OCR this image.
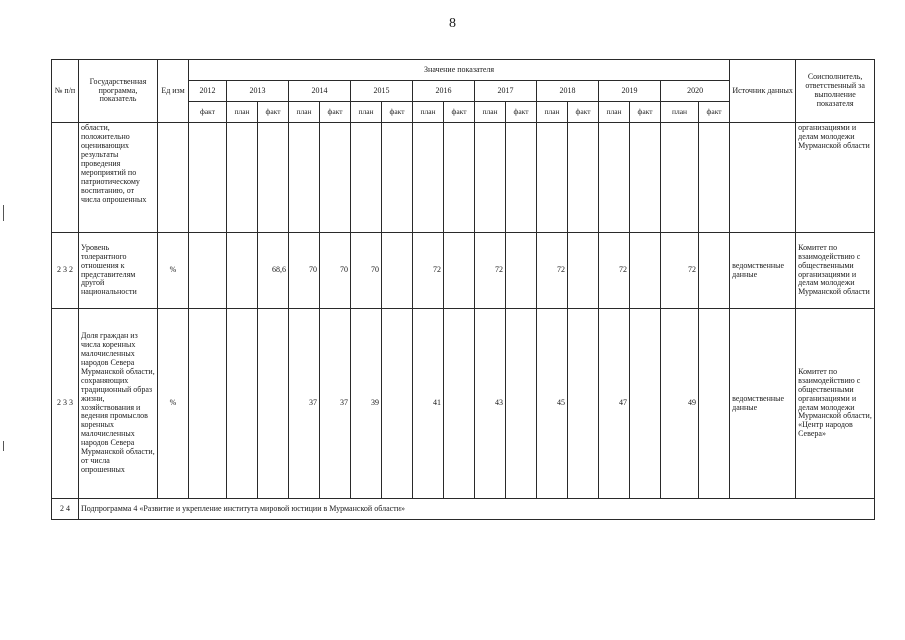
8
№ п/п	Государственная программа, показатель	Ед изм	Значение показателя																	Источник данных	Соисполнитель, ответственный за выполнение показателя
			2012	2013		2014		2015		2016		2017		2018		2019		2020			
			факт	план	факт	план	факт	план	факт	план	факт	план	факт	план	факт	план	факт	план	факт		
	области, положительно оценивающих результаты проведения мероприятий по патриотическому воспитанию, от числа опрошенных																				организациями и делам молодежи Мурманской области
2 3 2	Уровень толерантного отношения к представителям другой национальности	%			68,6	70	70	70		72		72		72		72		72		ведомственные данные	Комитет по взаимодействию с общественными организациями и делам молодежи Мурманской области
2 3 3	Доля граждан из числа коренных малочисленных народов Севера Мурманской области, сохраняющих традиционный образ жизни, хозяйствования и ведения промыслов коренных малочисленных народов Севера Мурманской области, от числа опрошенных	%				37	37	39		41		43		45		47		49		ведомственные данные	Комитет по взаимодействию с общественными организациями и делам молодежи Мурманской области, «Центр народов Севера»
2 4	Подпрограмма 4 «Развитие и укрепление института мировой юстиции в Мурманской области»																				
